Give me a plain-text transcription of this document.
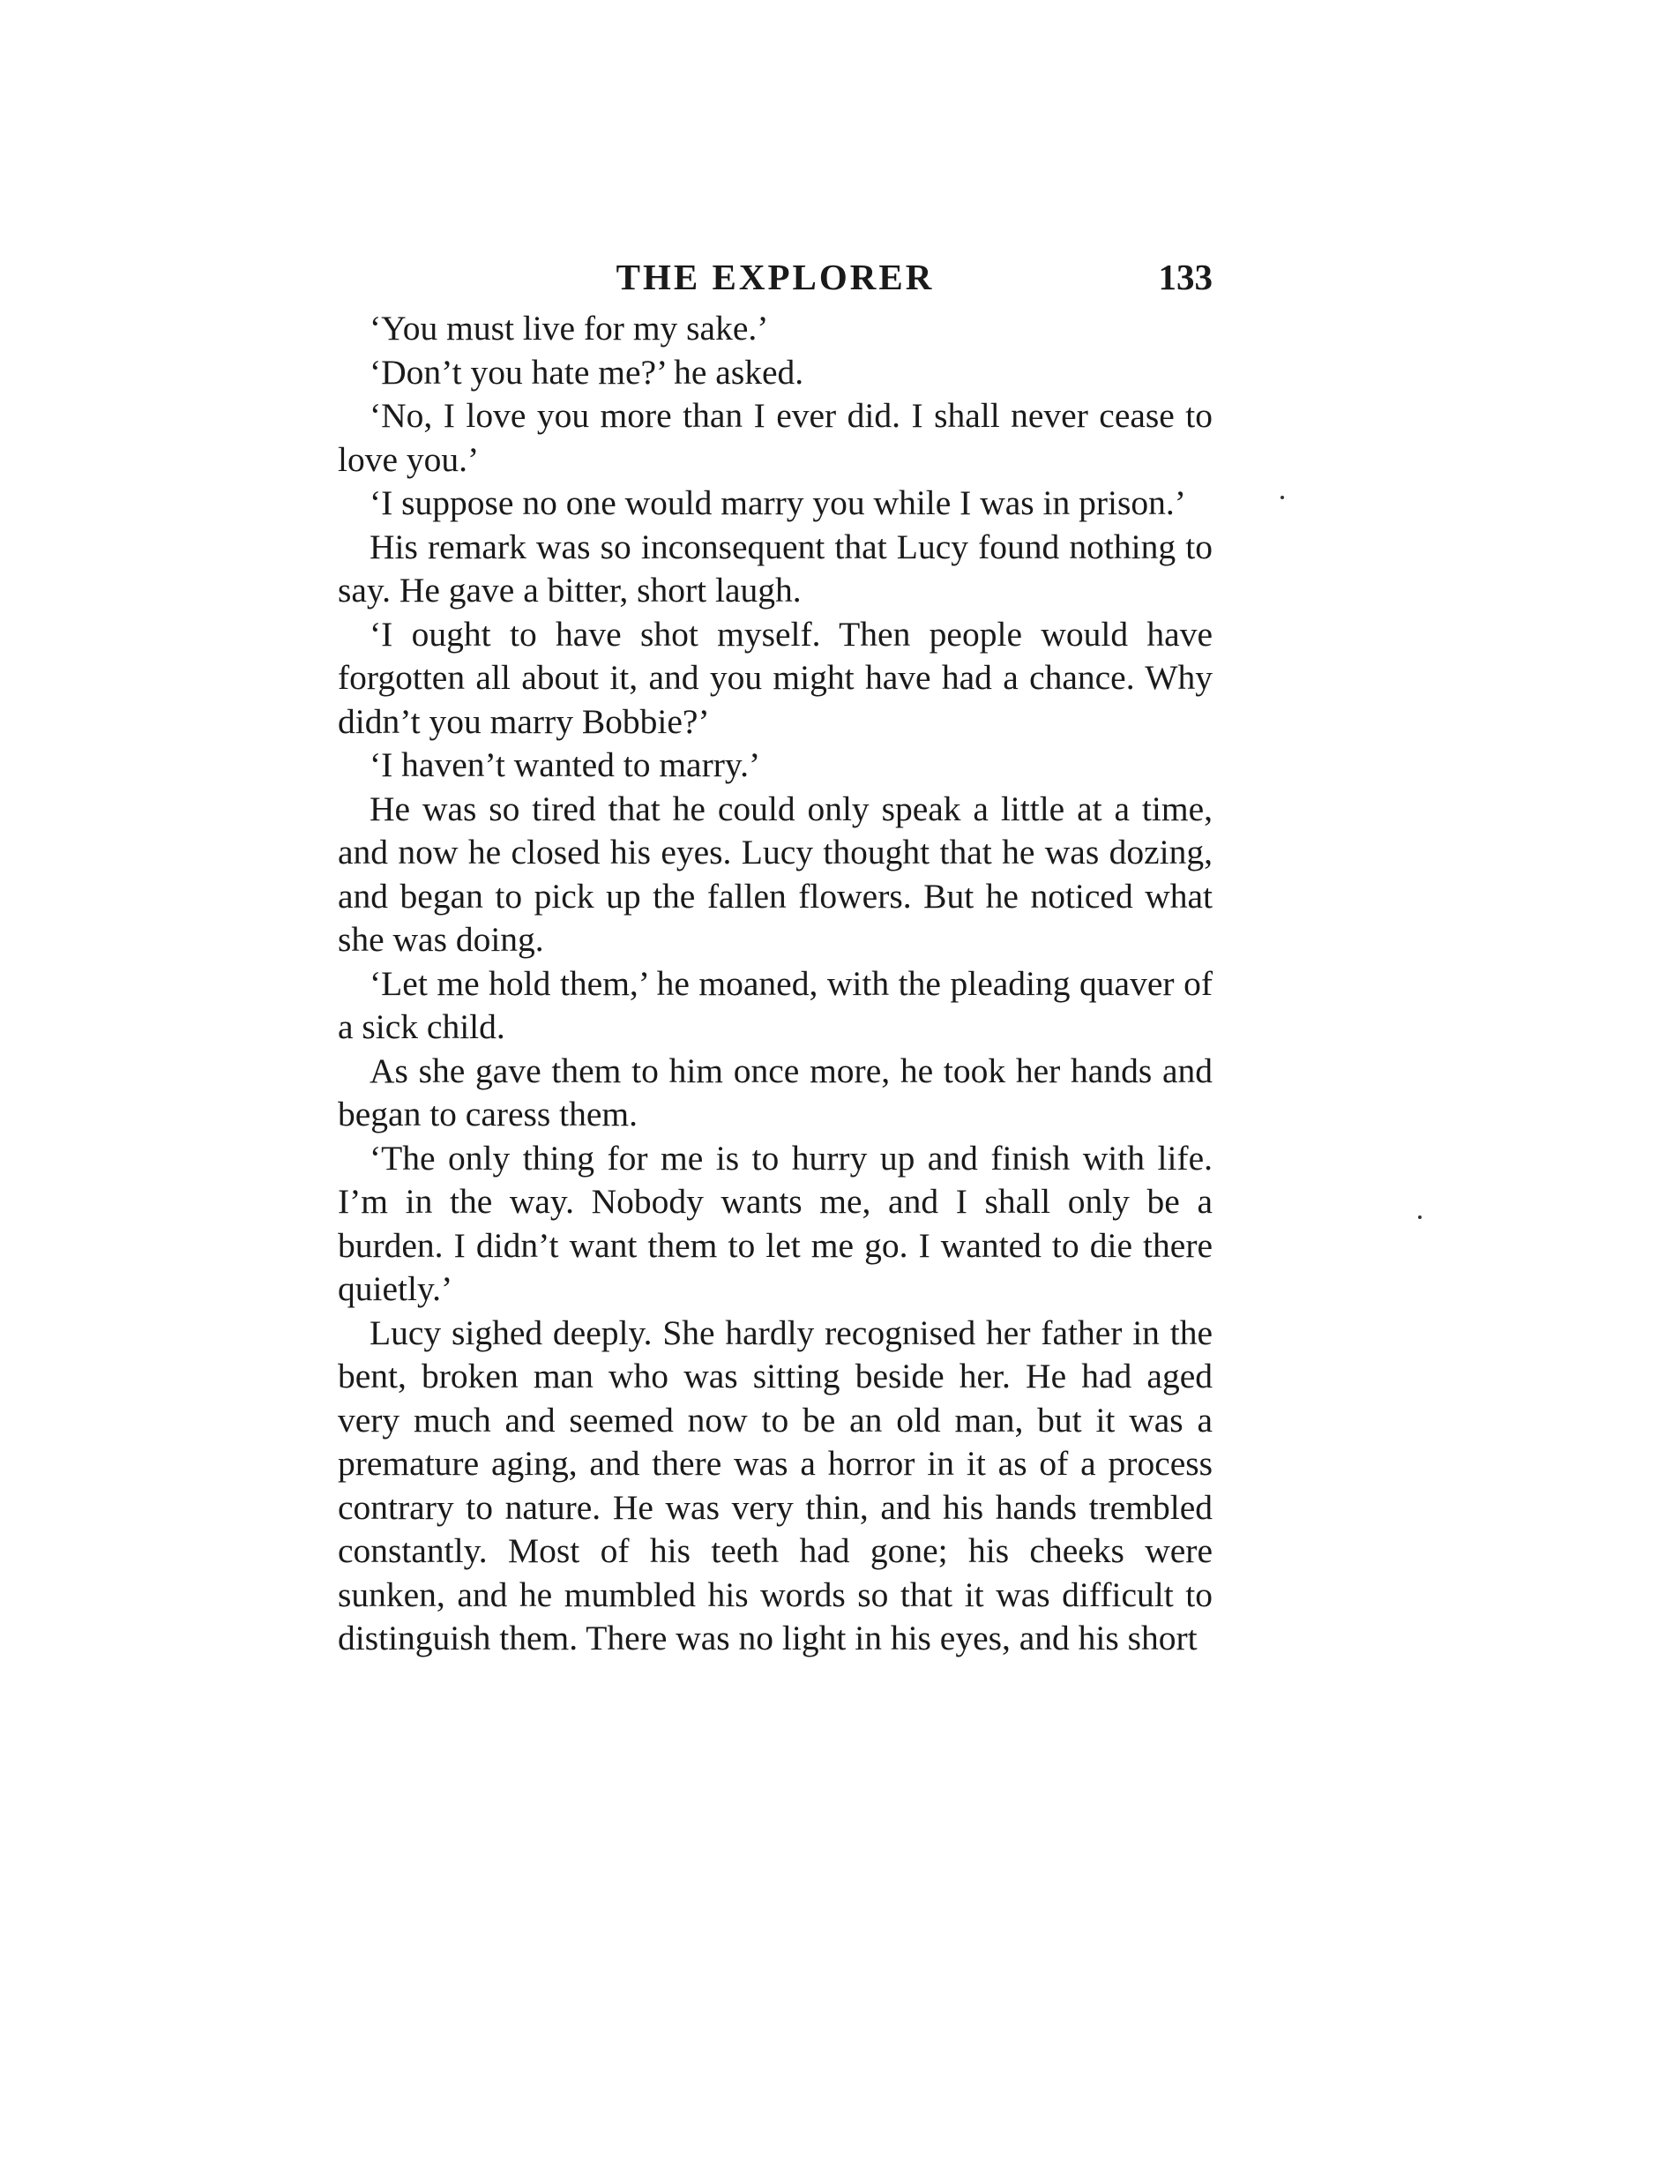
THE EXPLORER	133

‘You must live for my sake.’

‘Don’t you hate me?’ he asked.

‘No, I love you more than I ever did. I shall never cease to love you.’

‘I suppose no one would marry you while I was in prison.’

His remark was so inconsequent that Lucy found nothing to say. He gave a bitter, short laugh.

‘I ought to have shot myself. Then people would have forgotten all about it, and you might have had a chance. Why didn’t you marry Bobbie?’

‘I haven’t wanted to marry.’

He was so tired that he could only speak a little at a time, and now he closed his eyes. Lucy thought that he was dozing, and began to pick up the fallen flowers. But he noticed what she was doing.

‘Let me hold them,’ he moaned, with the pleading quaver of a sick child.

As she gave them to him once more, he took her hands and began to caress them.

‘The only thing for me is to hurry up and finish with life. I’m in the way. Nobody wants me, and I shall only be a burden. I didn’t want them to let me go. I wanted to die there quietly.’

Lucy sighed deeply. She hardly recognised her father in the bent, broken man who was sitting beside her. He had aged very much and seemed now to be an old man, but it was a premature aging, and there was a horror in it as of a process contrary to nature. He was very thin, and his hands trembled constantly. Most of his teeth had gone; his cheeks were sunken, and he mumbled his words so that it was difficult to distinguish them. There was no light in his eyes, and his short
